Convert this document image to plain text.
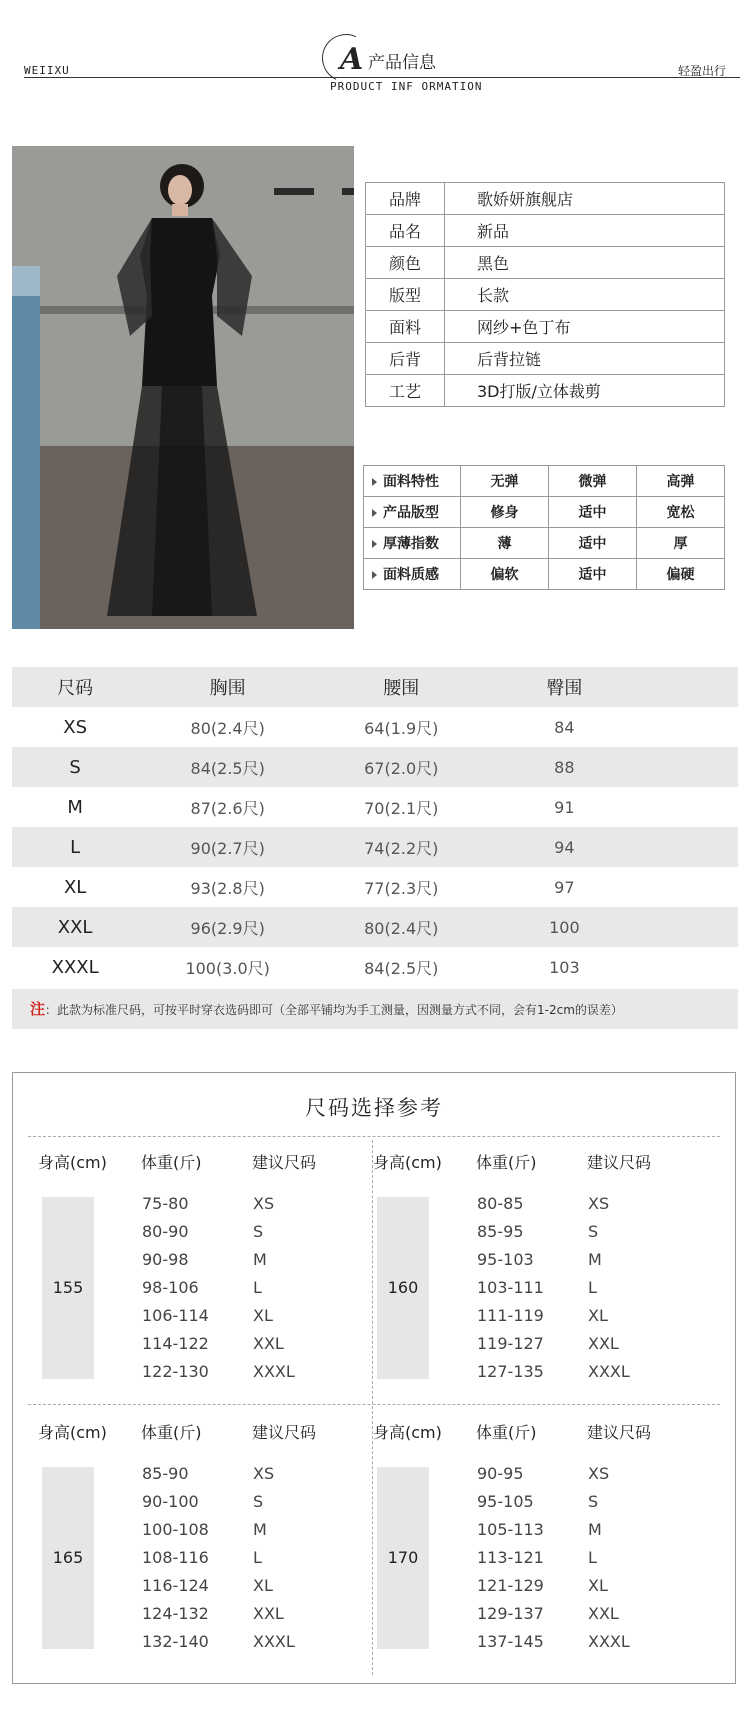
WEIIXU	A 产品信息
PRODUCT INF ORMATION
轻盈出行
品牌	歌娇妍旗舰店
品名	新品
颜色	黑色
版型	长款
面料	网纱+色丁布
后背	后背拉链
工艺	3D打版/立体裁剪
面料特性	无弹	微弹	高弹
产品版型	修身	适中	宽松
厚薄指数	薄	适中	厚
面料质感	偏软	适中	偏硬
尺码	胸围	腰围	臀围	
XS	80(2.4尺)	64(1.9尺)	84	
S	84(2.5尺)	67(2.0尺)	88	
M	87(2.6尺)	70(2.1尺)	91	
L	90(2.7尺)	74(2.2尺)	94	
XL	93(2.8尺)	77(2.3尺)	97	
XXL	96(2.9尺)	80(2.4尺)	100	
XXXL	100(3.0尺)	84(2.5尺)	103	
注：此款为标准尺码，可按平时穿衣选码即可（全部平铺均为手工测量，因测量方式不同，会有1-2cm的误差）
尺码选择参考
身高(cm) 体重(斤)	建议尺码
155
75-80	XS
80-90	S
90-98	M
98-106	L
106-114	XL
114-122	XXL
122-130	XXXL
身高(cm) 体重(斤)	建议尺码
160
80-85	XS
85-95	S
95-103	M
103-111	L
111-119	XL
119-127	XXL
127-135	XXXL
身高(cm) 体重(斤)	建议尺码
165
85-90	XS
90-100	S
100-108	M
108-116	L
116-124	XL
124-132	XXL
132-140	XXXL
身高(cm) 体重(斤)	建议尺码
170
90-95	XS
95-105	S
105-113	M
113-121	L
121-129	XL
129-137	XXL
137-145	XXXL
